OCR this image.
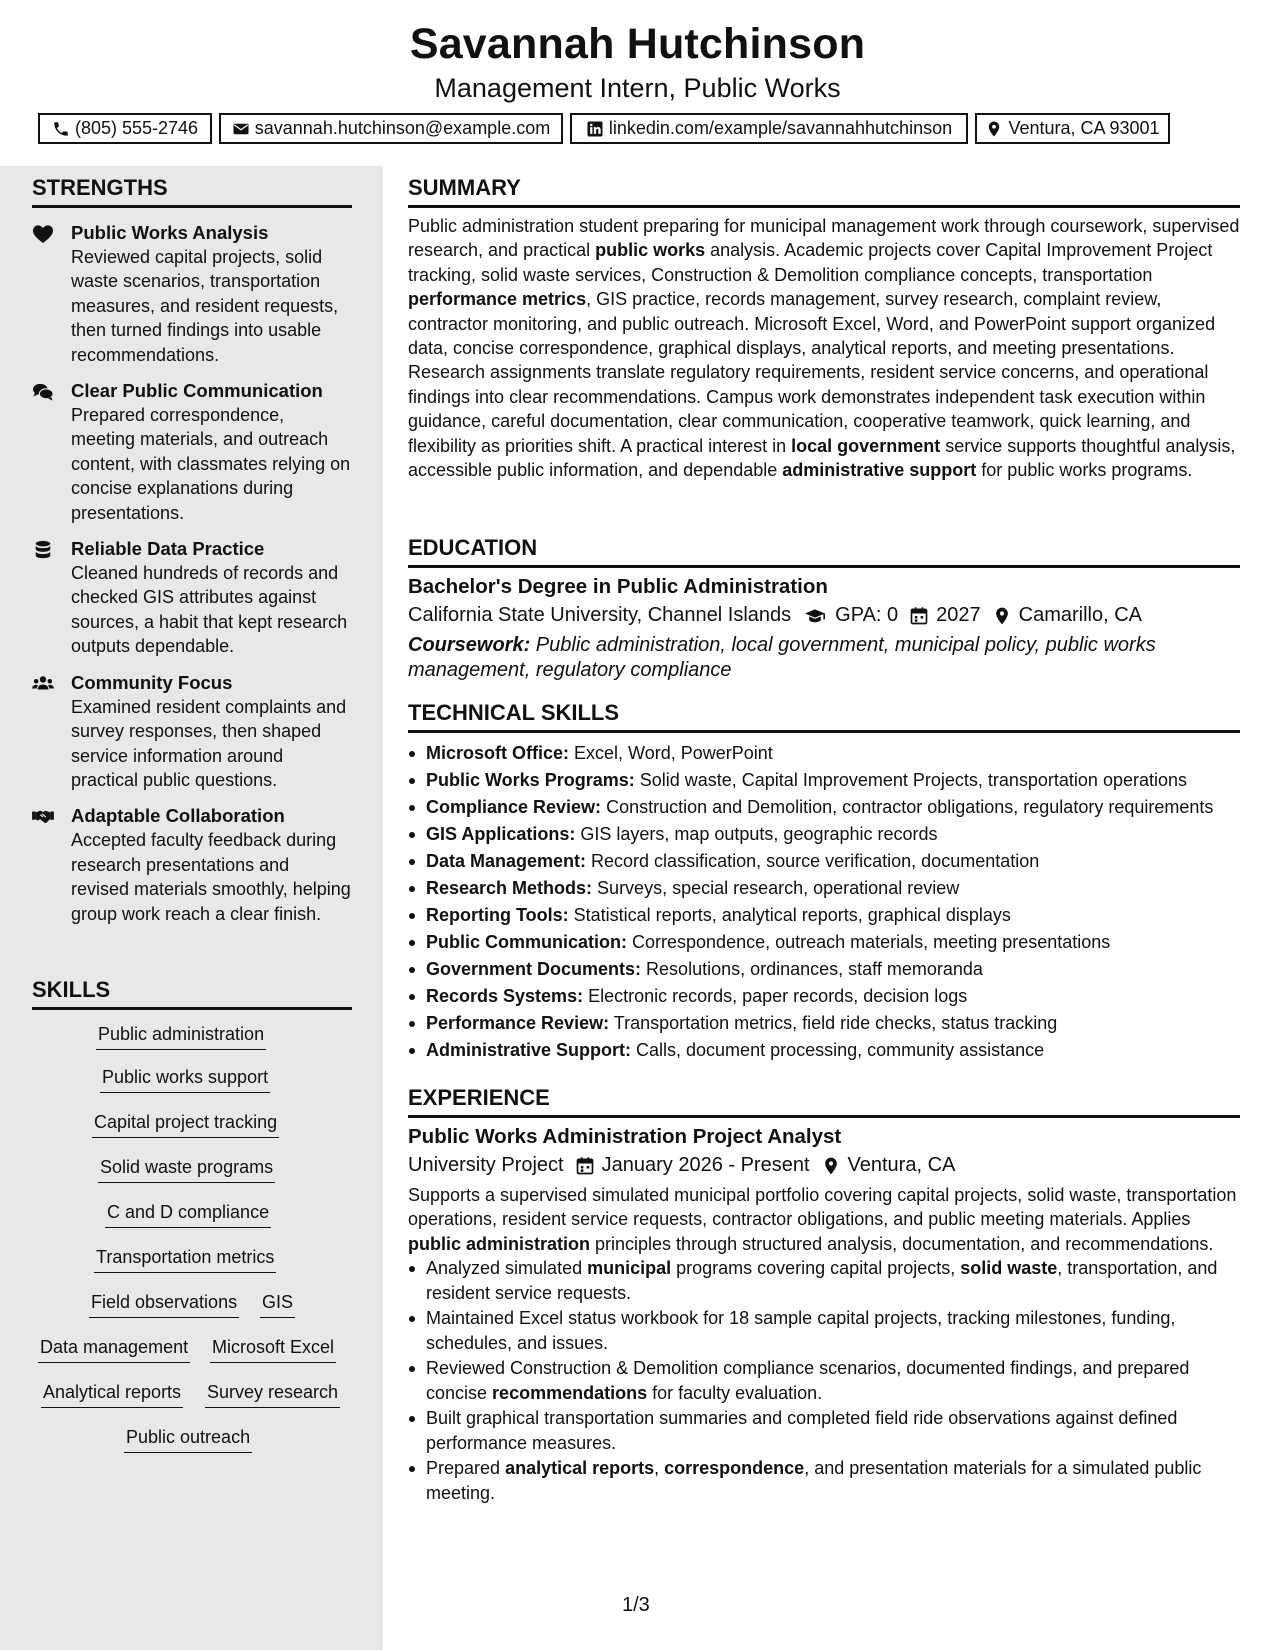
Savannah Hutchinson
Management Intern, Public Works
(805) 555-2746	savannah.hutchinson@example.com	linkedin.com/example/savannahhutchinson	Ventura, CA 93001
STRENGTHS
Public Works Analysis
Reviewed capital projects, solid waste scenarios, transportation measures, and resident requests, then turned findings into usable recommendations.
Clear Public Communication
Prepared correspondence, meeting materials, and outreach content, with classmates relying on concise explanations during presentations.
Reliable Data Practice
Cleaned hundreds of records and checked GIS attributes against sources, a habit that kept research outputs dependable.
Community Focus
Examined resident complaints and survey responses, then shaped service information around practical public questions.
Adaptable Collaboration
Accepted faculty feedback during research presentations and revised materials smoothly, helping group work reach a clear finish.
SKILLS
Public administration
Public works support
Capital project tracking
Solid waste programs
C and D compliance
Transportation metrics
Field observations GIS
Data management Microsoft Excel
Analytical reports Survey research
Public outreach
SUMMARY
Public administration student preparing for municipal management work through coursework, supervised research, and practical public works analysis. Academic projects cover Capital Improvement Project tracking, solid waste services, Construction & Demolition compliance concepts, transportation performance metrics, GIS practice, records management, survey research, complaint review, contractor monitoring, and public outreach. Microsoft Excel, Word, and PowerPoint support organized data, concise correspondence, graphical displays, analytical reports, and meeting presentations. Research assignments translate regulatory requirements, resident service concerns, and operational findings into clear recommendations. Campus work demonstrates independent task execution within guidance, careful documentation, clear communication, cooperative teamwork, quick learning, and flexibility as priorities shift. A practical interest in local government service supports thoughtful analysis, accessible public information, and dependable administrative support for public works programs.
EDUCATION
Bachelor's Degree in Public Administration
California State University, Channel Islands GPA: 0 2027 Camarillo, CA
Coursework: Public administration, local government, municipal policy, public works management, regulatory compliance
TECHNICAL SKILLS
Microsoft Office: Excel, Word, PowerPoint
Public Works Programs: Solid waste, Capital Improvement Projects, transportation operations
Compliance Review: Construction and Demolition, contractor obligations, regulatory requirements
GIS Applications: GIS layers, map outputs, geographic records
Data Management: Record classification, source verification, documentation
Research Methods: Surveys, special research, operational review
Reporting Tools: Statistical reports, analytical reports, graphical displays
Public Communication: Correspondence, outreach materials, meeting presentations
Government Documents: Resolutions, ordinances, staff memoranda
Records Systems: Electronic records, paper records, decision logs
Performance Review: Transportation metrics, field ride checks, status tracking
Administrative Support: Calls, document processing, community assistance
EXPERIENCE
Public Works Administration Project Analyst
University Project January 2026 - Present Ventura, CA
Supports a supervised simulated municipal portfolio covering capital projects, solid waste, transportation operations, resident service requests, contractor obligations, and public meeting materials. Applies public administration principles through structured analysis, documentation, and recommendations.
Analyzed simulated municipal programs covering capital projects, solid waste, transportation, and resident service requests.
Maintained Excel status workbook for 18 sample capital projects, tracking milestones, funding, schedules, and issues.
Reviewed Construction & Demolition compliance scenarios, documented findings, and prepared concise recommendations for faculty evaluation.
Built graphical transportation summaries and completed field ride observations against defined performance measures.
Prepared analytical reports, correspondence, and presentation materials for a simulated public meeting.
1/3
